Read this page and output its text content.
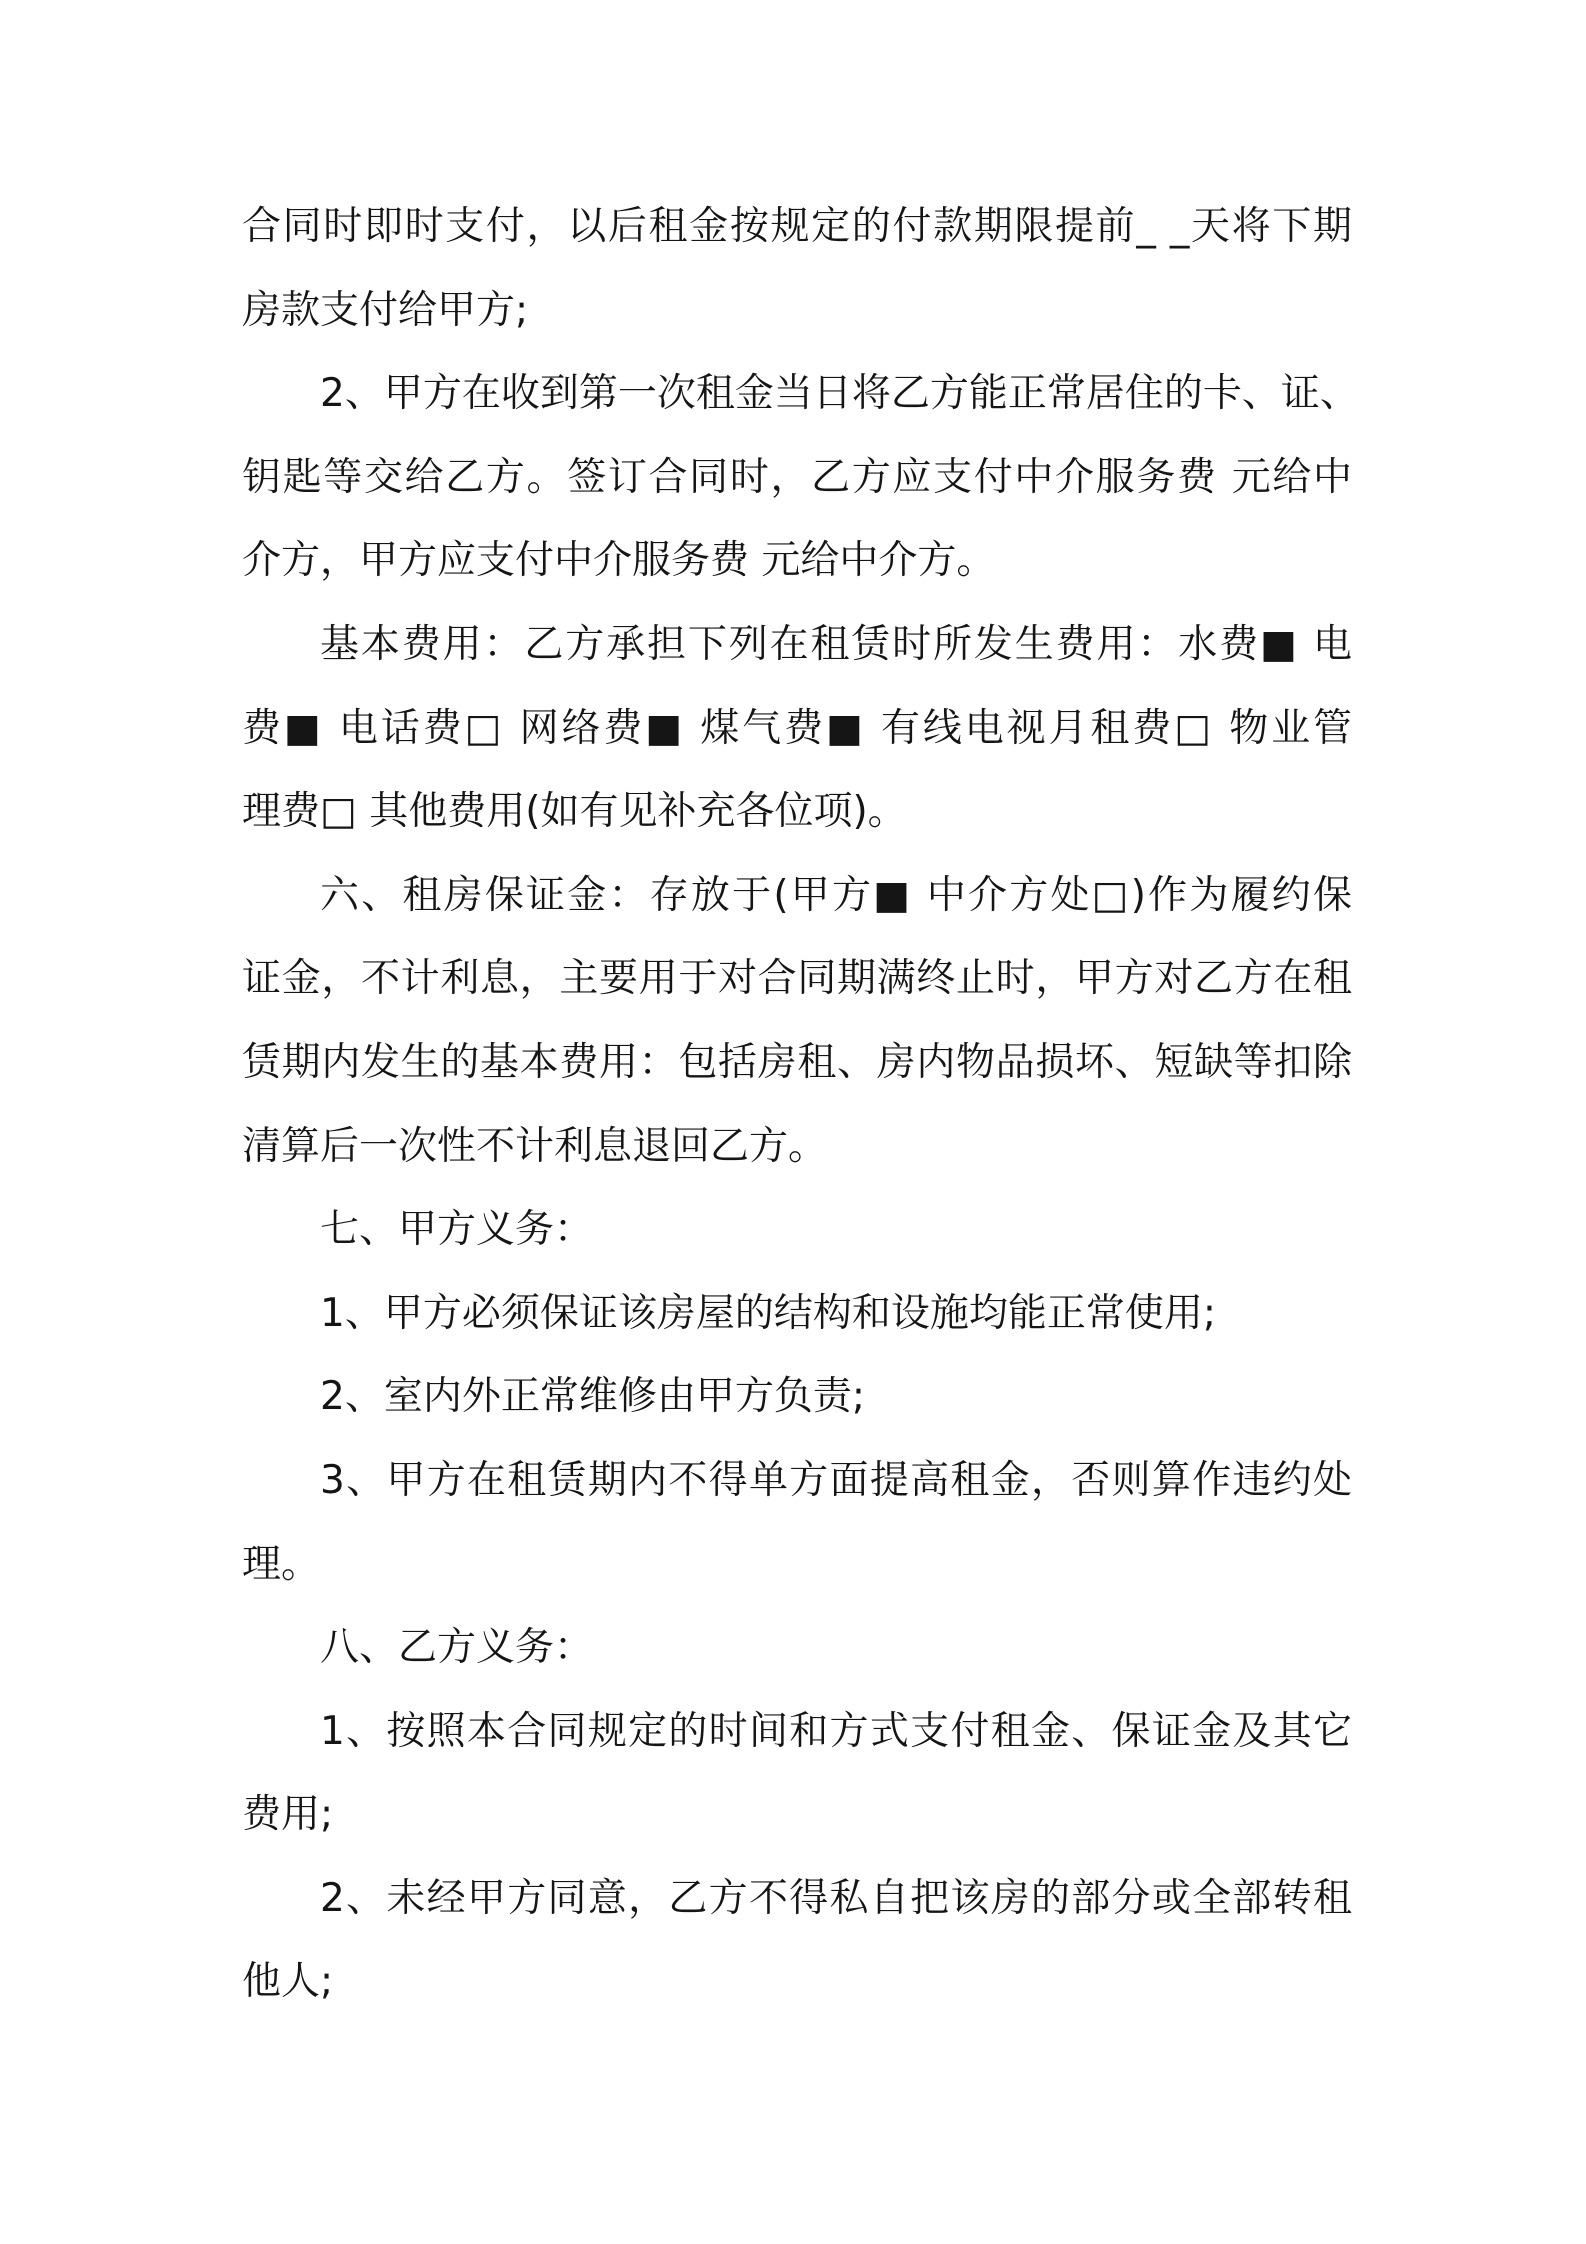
合同时即时支付，以后租金按规定的付款期限提前_ _天将下期
房款支付给甲方;
2、甲方在收到第一次租金当日将乙方能正常居住的卡、证、
钥匙等交给乙方。签订合同时，乙方应支付中介服务费 元给中
介方，甲方应支付中介服务费 元给中介方。
基本费用：乙方承担下列在租赁时所发生费用：水费■ 电
费■ 电话费□ 网络费■ 煤气费■ 有线电视月租费□ 物业管
理费□ 其他费用(如有见补充各位项)。
六、租房保证金：存放于(甲方■ 中介方处□)作为履约保
证金，不计利息，主要用于对合同期满终止时，甲方对乙方在租
赁期内发生的基本费用：包括房租、房内物品损坏、短缺等扣除
清算后一次性不计利息退回乙方。
七、甲方义务：
1、甲方必须保证该房屋的结构和设施均能正常使用;
2、室内外正常维修由甲方负责;
3、甲方在租赁期内不得单方面提高租金，否则算作违约处
理。
八、乙方义务：
1、按照本合同规定的时间和方式支付租金、保证金及其它
费用;
2、未经甲方同意，乙方不得私自把该房的部分或全部转租
他人;
